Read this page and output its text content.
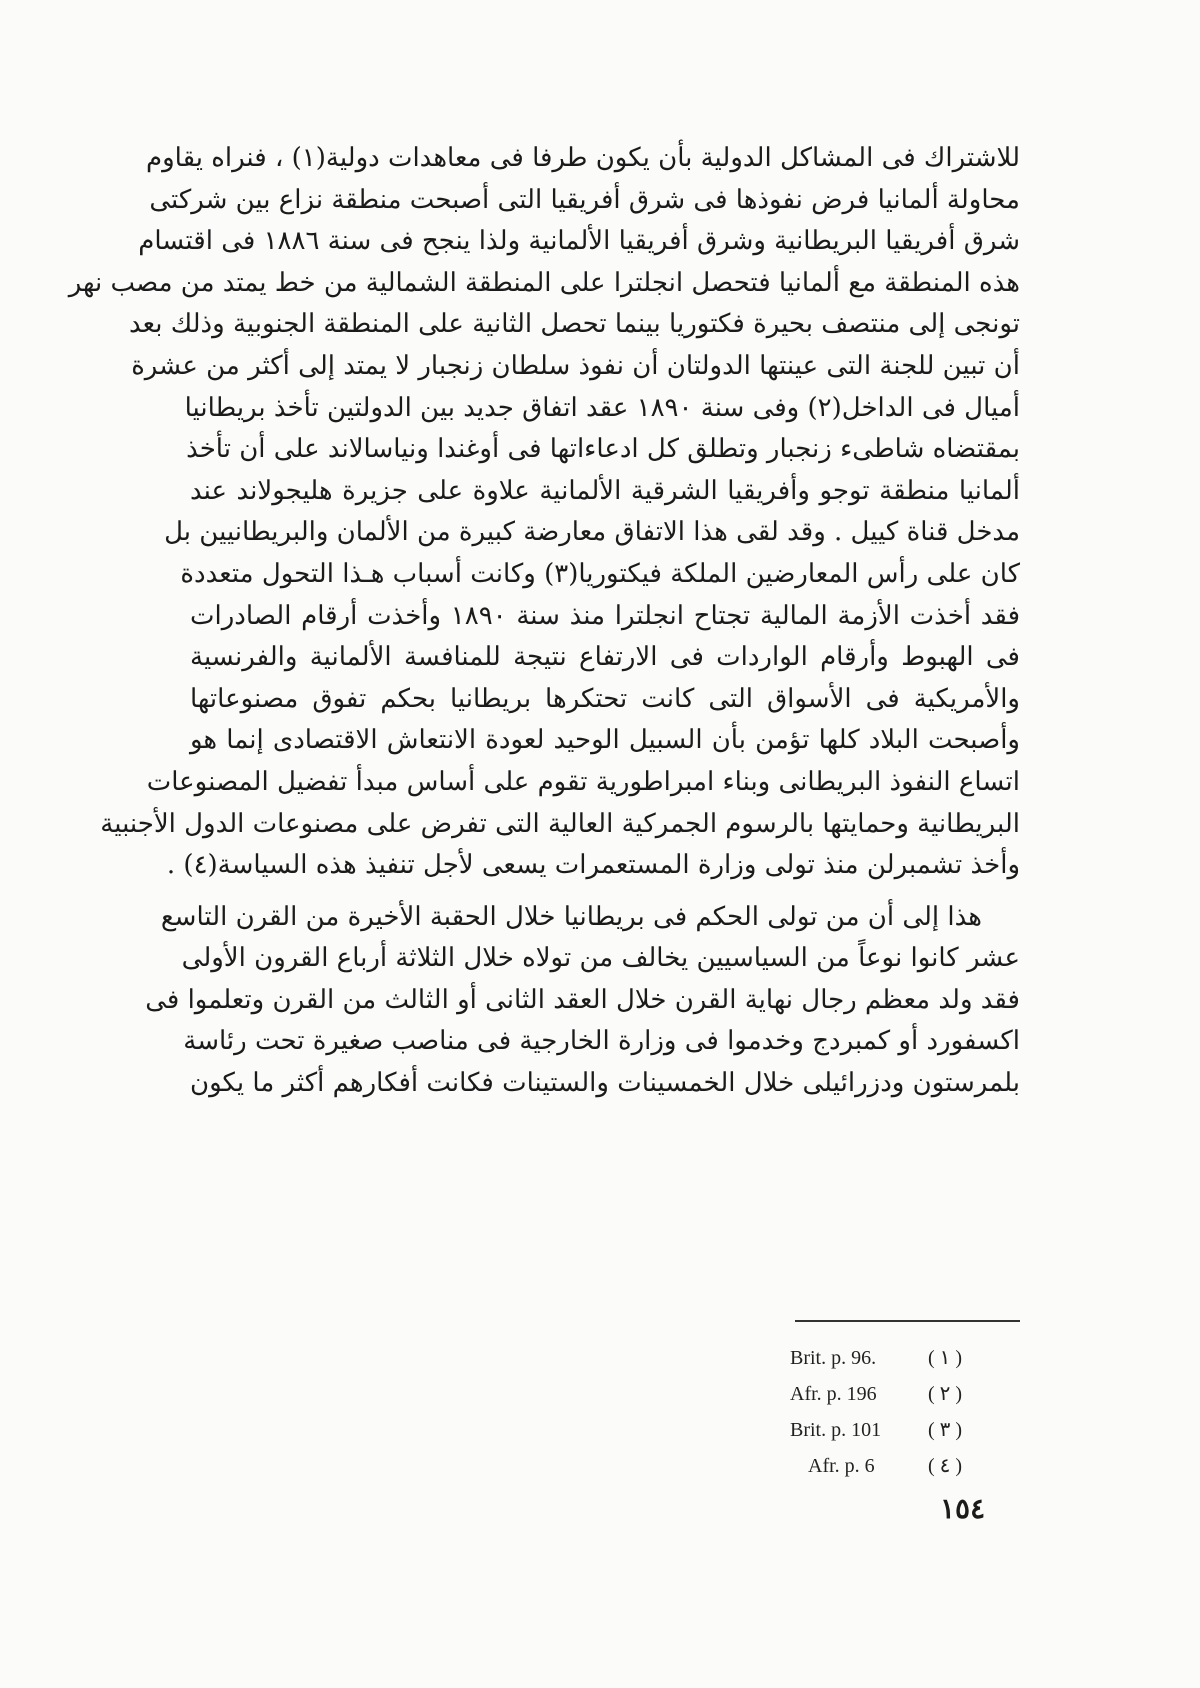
للاشتراك فى المشاكل الدولية بأن يكون طرفا فى معاهدات دولية(١) ، فنراه يقاوم
محاولة ألمانيا فرض نفوذها فى شرق أفريقيا التى أصبحت منطقة نزاع بين شركتى
شرق أفريقيا البريطانية وشرق أفريقيا الألمانية ولذا ينجح فى سنة ١٨٨٦ فى اقتسام
هذه المنطقة مع ألمانيا فتحصل انجلترا على المنطقة الشمالية من خط يمتد من مصب نهر
تونجى إلى منتصف بحيرة فكتوريا بينما تحصل الثانية على المنطقة الجنوبية وذلك بعد
أن تبين للجنة التى عينتها الدولتان أن نفوذ سلطان زنجبار لا يمتد إلى أكثر من عشرة
أميال فى الداخل(٢) وفى سنة ١٨٩٠ عقد اتفاق جديد بين الدولتين تأخذ بريطانيا
بمقتضاه شاطىء زنجبار وتطلق كل ادعاءاتها فى أوغندا ونياسالاند على أن تأخذ
ألمانيا منطقة توجو وأفريقيا الشرقية الألمانية علاوة على جزيرة هليجولاند عند
مدخل قناة كييل . وقد لقى هذا الاتفاق معارضة كبيرة من الألمان والبريطانيين بل
كان على رأس المعارضين الملكة فيكتوريا(٣) وكانت أسباب هـذا التحول متعددة
فقد أخذت الأزمة المالية تجتاح انجلترا منذ سنة ١٨٩٠ وأخذت أرقام الصادرات
فى الهبوط وأرقام الواردات فى الارتفاع نتيجة للمنافسة الألمانية والفرنسية
والأمريكية فى الأسواق التى كانت تحتكرها بريطانيا بحكم تفوق مصنوعاتها
وأصبحت البلاد كلها تؤمن بأن السبيل الوحيد لعودة الانتعاش الاقتصادى إنما هو
اتساع النفوذ البريطانى وبناء امبراطورية تقوم على أساس مبدأ تفضيل المصنوعات
البريطانية وحمايتها بالرسوم الجمركية العالية التى تفرض على مصنوعات الدول الأجنبية
وأخذ تشمبرلن منذ تولى وزارة المستعمرات يسعى لأجل تنفيذ هذه السياسة(٤) .
هذا إلى أن من تولى الحكم فى بريطانيا خلال الحقبة الأخيرة من القرن التاسع
عشر كانوا نوعاً من السياسيين يخالف من تولاه خلال الثلاثة أرباع القرون الأولى
فقد ولد معظم رجال نهاية القرن خلال العقد الثانى أو الثالث من القرن وتعلموا فى
اكسفورد أو كمبردج وخدموا فى وزارة الخارجية فى مناصب صغيرة تحت رئاسة
بلمرستون ودزرائيلى خلال الخمسينات والستينات فكانت أفكارهم أكثر ما يكون
Brit. p. 96.	( ١ )
Afr. p. 196	( ٢ )
Brit. p. 101 ( ٣ )
Afr. p. 6	( ٤ )
١٥٤
